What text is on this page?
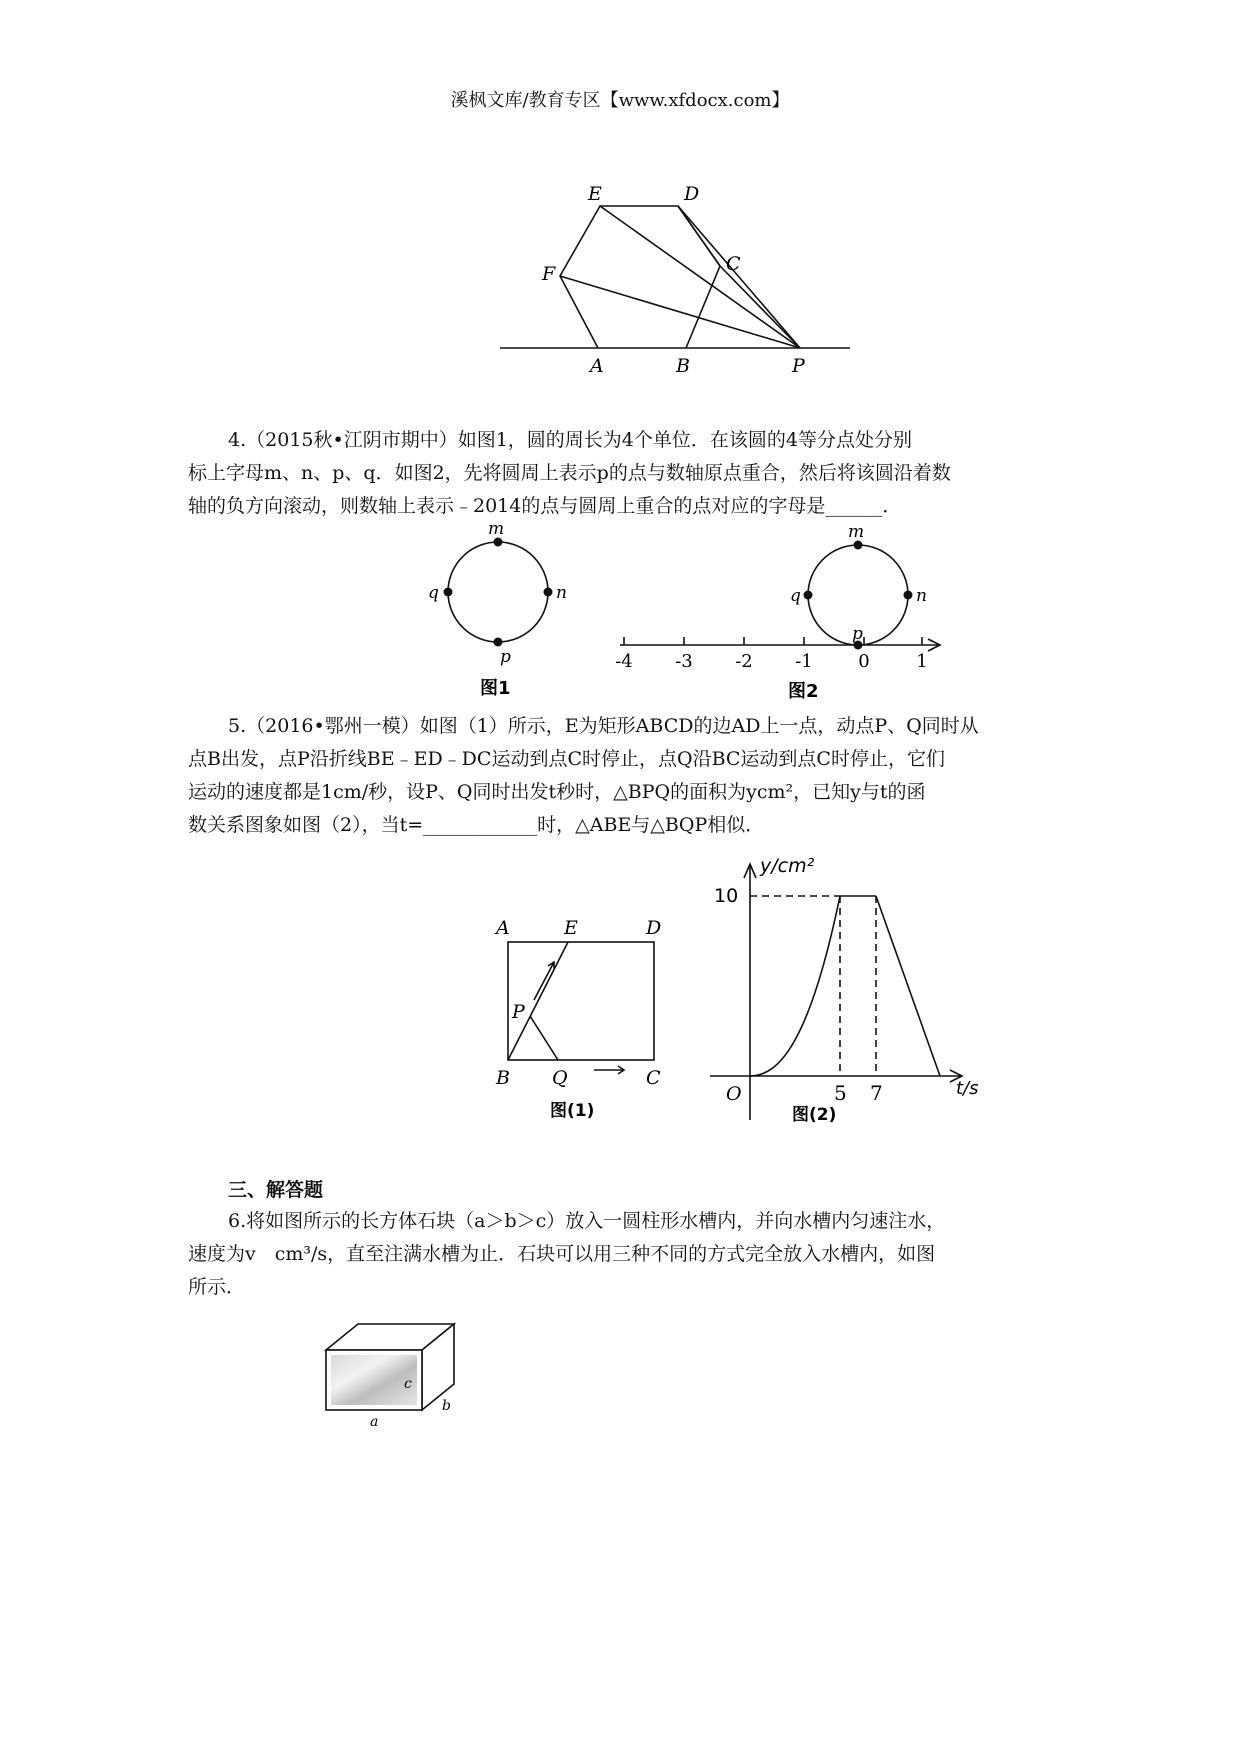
溪枫文库/教育专区【www.xfdocx.com】
E	D
C
F
A	B	P
4.（2015秋•江阴市期中）如图1，圆的周长为4个单位．在该圆的4等分点处分别
标上字母m、n、p、q．如图2，先将圆周上表示p的点与数轴原点重合，然后将该圆沿着数
轴的负方向滚动，则数轴上表示﹣2014的点与圆周上重合的点对应的字母是______．
m
n
p
q
图1
m
n
p
q
-4 -3 -2 -1	0	1
图2
5.（2016•鄂州一模）如图（1）所示，E为矩形ABCD的边AD上一点，动点P、Q同时从
点B出发，点P沿折线BE﹣ED﹣DC运动到点C时停止，点Q沿BC运动到点C时停止，它们
运动的速度都是1cm/秒，设P、Q同时出发t秒时，△BPQ的面积为ycm²，已知y与t的函
数关系图象如图（2），当t=____________时，△ABE与△BQP相似．
A	E	D
P
B Q	C
图(1)
y/cm²
t/s
O
10
5 7
图(2)
三、解答题
6.将如图所示的长方体石块（a＞b＞c）放入一圆柱形水槽内，并向水槽内匀速注水，
速度为v　cm³/s，直至注满水槽为止．石块可以用三种不同的方式完全放入水槽内，如图
所示．
c
b
a
